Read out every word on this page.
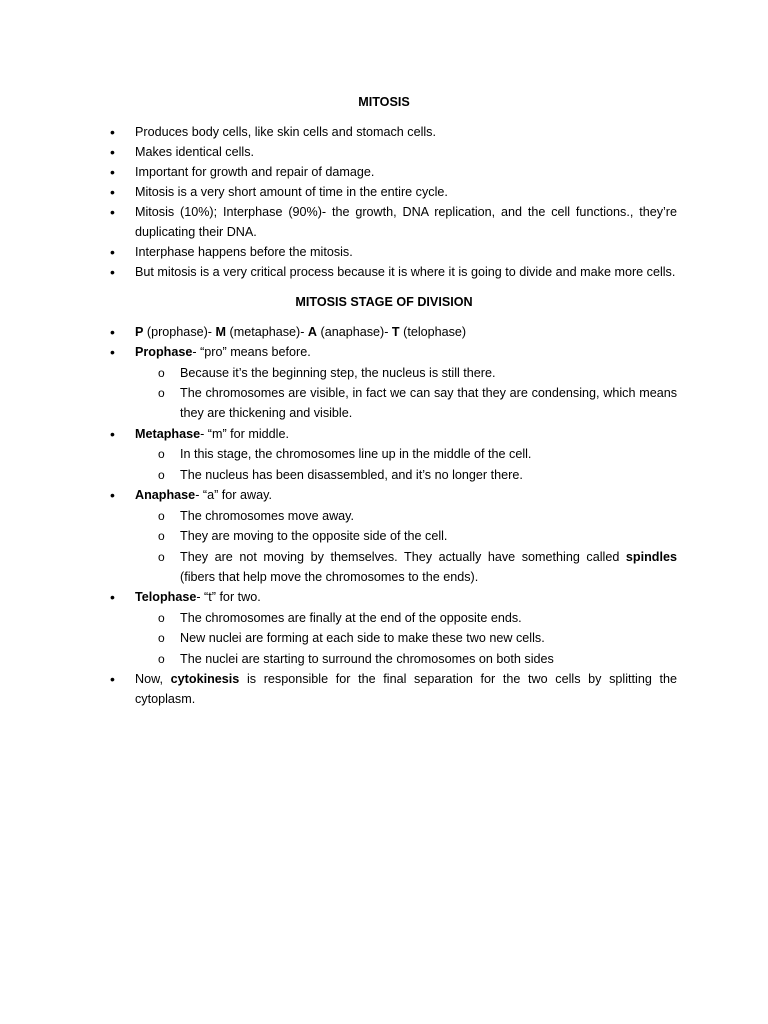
MITOSIS
• Produces body cells, like skin cells and stomach cells.
• Makes identical cells.
• Important for growth and repair of damage.
• Mitosis is a very short amount of time in the entire cycle.
• Mitosis (10%); Interphase (90%)- the growth, DNA replication, and the cell functions., they’re duplicating their DNA.
• Interphase happens before the mitosis.
• But mitosis is a very critical process because it is where it is going to divide and make more cells.
MITOSIS STAGE OF DIVISION
• P (prophase)- M (metaphase)- A (anaphase)- T (telophase)
• Prophase- “pro” means before.
o Because it’s the beginning step, the nucleus is still there.
o The chromosomes are visible, in fact we can say that they are condensing, which means they are thickening and visible.
• Metaphase- “m” for middle.
o In this stage, the chromosomes line up in the middle of the cell.
o The nucleus has been disassembled, and it’s no longer there.
• Anaphase- “a” for away.
o The chromosomes move away.
o They are moving to the opposite side of the cell.
o They are not moving by themselves. They actually have something called spindles (fibers that help move the chromosomes to the ends).
• Telophase- “t” for two.
o The chromosomes are finally at the end of the opposite ends.
o New nuclei are forming at each side to make these two new cells.
o The nuclei are starting to surround the chromosomes on both sides
• Now, cytokinesis is responsible for the final separation for the two cells by splitting the cytoplasm.
